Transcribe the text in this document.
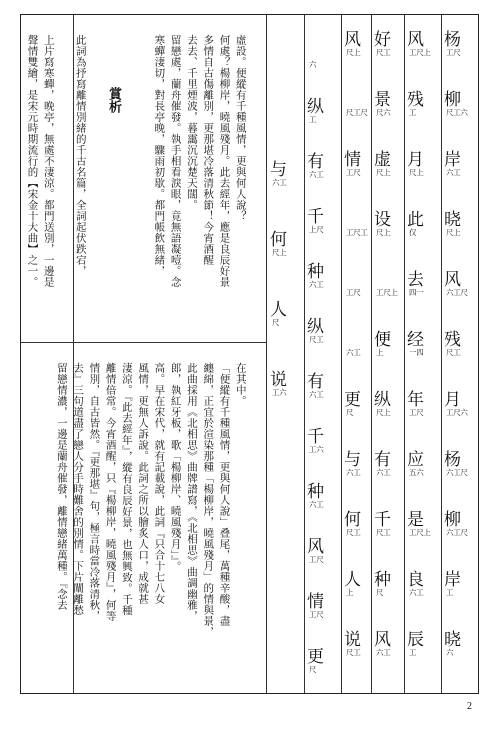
上片寫寒蟬，晚亭，無處不淒涼。都門送別，一邊是
聲情雙繪，是宋元時期流行的【宋金十大曲】之一。
	此詞為抒寫離情別緒的千古名篇，全詞起伏跌宕，
	賞析	虛設。便縱有千種風情，更與何人說？
何處？楊柳岸，曉風殘月。此去經年，應是良辰好景
多情自古傷離別，更那堪冷落清秋節！今宵酒醒
去去、千里煙波，暮靄沉沉楚天闊。
留戀處，蘭舟催發。執手相看淚眼，竟無語凝噎。念
寒蟬淒切，對長亭晚，驟雨初歇。都門帳飲無緒，

在其中。
「便縱有千種風情，更與何人說」叠尾，萬種辛酸，盡
纏綿，正宜於渲染那種「楊柳岸，曉風殘月」的情與景，
此曲採用《北相思》曲牌譜寫，《北相思》曲調幽雅，
郎，執紅牙板，歌「楊柳岸、曉風殘月」』。
高。早在宋代，就有記載說，此詞『只合十七八女
風情，更無人訴說。此詞之所以膾炙人口，成就甚
淒涼。『此去經年』，縱有良辰好景，也無興致。千種
離情倍常。今宵酒醒，只『楊柳岸，曉風殘月』，何等
情別，自古皆然。『更那堪』句，極言時當冷落清秋，
去』三句道盡了戀人分手時難舍的別情。下片闡離愁
留戀情濃，一邊是蘭舟催發，離情戀緒萬種。『念去

杨
工尺
柳
尺工六
岸
六工
晓
尺上
风
六工尺
残
尺工
月
工尺六
杨
六工尺
柳
六工尺
岸
工
晓
六
风
工尺上
残
工
月
尺上
此
仅
去
四一
经
一四
年
工尺
应
五六
是
工尺上
良
六工
辰
工
好
尺工
景
尺六
虚
尺上
设
尺上
工尺上
便
上
纵
尺上
有
六工
千
尺工
种
尺
风
六工
风
尺上
尺工尺
情
工尺
工尺工
工尺
六工
更
尺
与
六工
何
尺工
人
上
说
尺工
六
纵
工
有
六工
千
上尺
种
六工
纵
尺工
有
六工
千
工六
种
六工
风
工尺
情
工尺
更
尺
与
六工
何
尺上
人
尺
说
工六
2
